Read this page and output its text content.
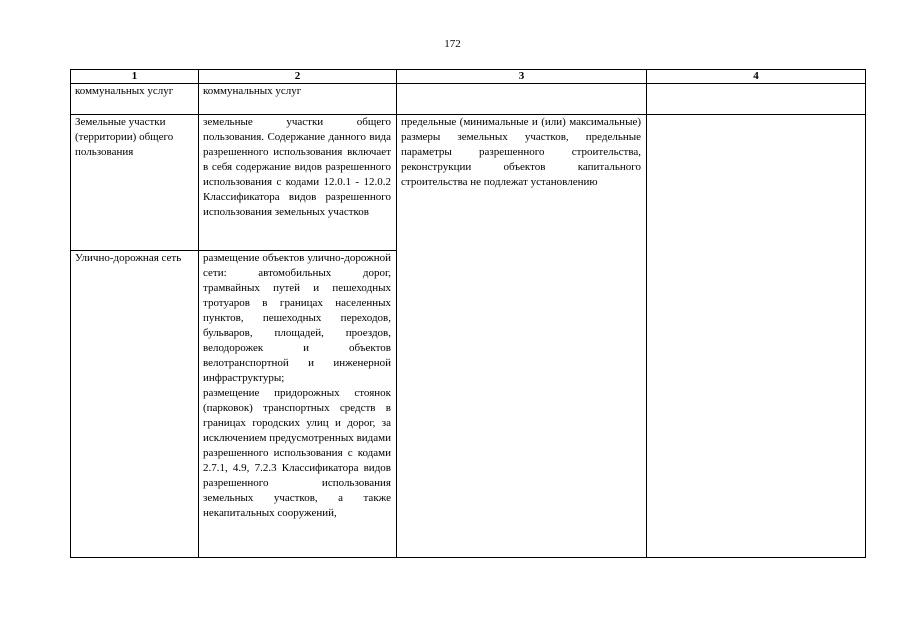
172
1	2	3	4
коммунальных услуг	коммунальных услуг		
Земельные участки (территории) общего пользования	земельные участки общего пользования. Содержание данного вида разрешенного использования включает в себя содержание видов разрешенного использования с кодами 12.0.1 - 12.0.2 Классификатора видов разрешенного использования земельных участков	предельные (минимальные и (или) максимальные) размеры земельных участков, предельные параметры разрешенного строительства, реконструкции объектов капитального строительства не подлежат установлению	
Улично-дорожная сеть	размещение объектов улично-дорожной сети: автомобильных дорог, трамвайных путей и пешеходных тротуаров в границах населенных пунктов, пешеходных переходов, бульваров, площадей, проездов, велодорожек и объектов велотранспортной и инженерной инфраструктуры;
размещение придорожных стоянок (парковок) транспортных средств в границах городских улиц и дорог, за исключением предусмотренных видами разрешенного использования с кодами 2.7.1, 4.9, 7.2.3 Классификатора видов разрешенного использования земельных участков, а также некапитальных сооружений,		
